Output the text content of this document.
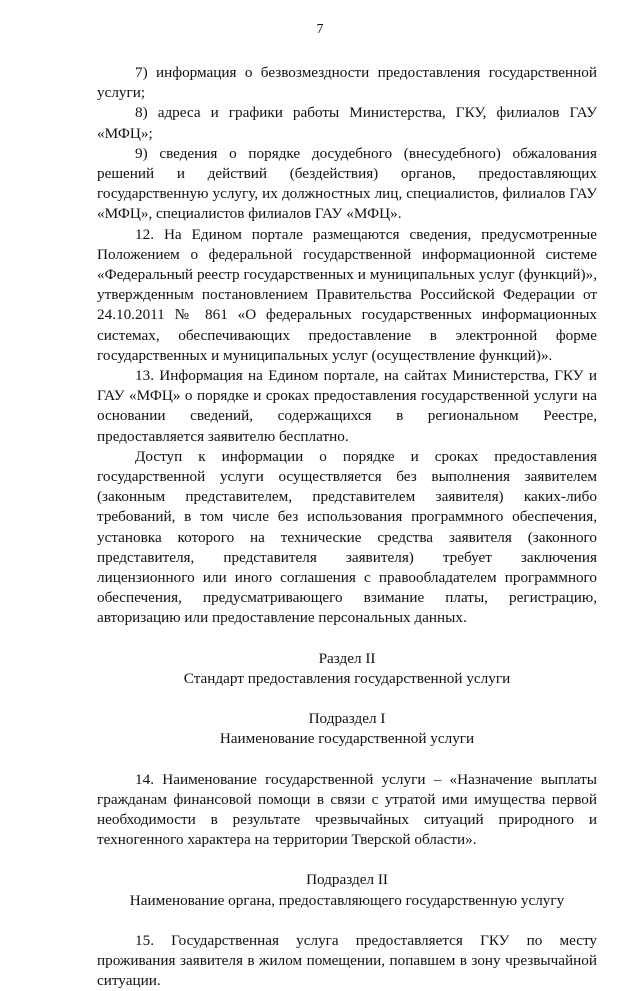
7

7) информация о безвозмездности предоставления государственной услуги;

8) адреса и графики работы Министерства, ГКУ, филиалов ГАУ «МФЦ»;

9) сведения о порядке досудебного (внесудебного) обжалования решений и действий (бездействия) органов, предоставляющих государственную услугу, их должностных лиц, специалистов, филиалов ГАУ «МФЦ», специалистов филиалов ГАУ «МФЦ».

12. На Едином портале размещаются сведения, предусмотренные Положением о федеральной государственной информационной системе «Федеральный реестр государственных и муниципальных услуг (функций)», утвержденным постановлением Правительства Российской Федерации от 24.10.2011 № 861 «О федеральных государственных информационных системах, обеспечивающих предоставление в электронной форме государственных и муниципальных услуг (осуществление функций)».

13. Информация на Едином портале, на сайтах Министерства, ГКУ и ГАУ «МФЦ» о порядке и сроках предоставления государственной услуги на основании сведений, содержащихся в региональном Реестре, предоставляется заявителю бесплатно.

Доступ к информации о порядке и сроках предоставления государственной услуги осуществляется без выполнения заявителем (законным представителем, представителем заявителя) каких-либо требований, в том числе без использования программного обеспечения, установка которого на технические средства заявителя (законного представителя, представителя заявителя) требует заключения лицензионного или иного соглашения с правообладателем программного обеспечения, предусматривающего взимание платы, регистрацию, авторизацию или предоставление персональных данных.

Раздел II
Стандарт предоставления государственной услуги
Подраздел I
Наименование государственной услуги

14. Наименование государственной услуги – «Назначение выплаты гражданам финансовой помощи в связи с утратой ими имущества первой необходимости в результате чрезвычайных ситуаций природного и техногенного характера на территории Тверской области».

Подраздел II
Наименование органа, предоставляющего государственную услугу

15. Государственная услуга предоставляется ГКУ по месту проживания заявителя в жилом помещении, попавшем в зону чрезвычайной ситуации.
